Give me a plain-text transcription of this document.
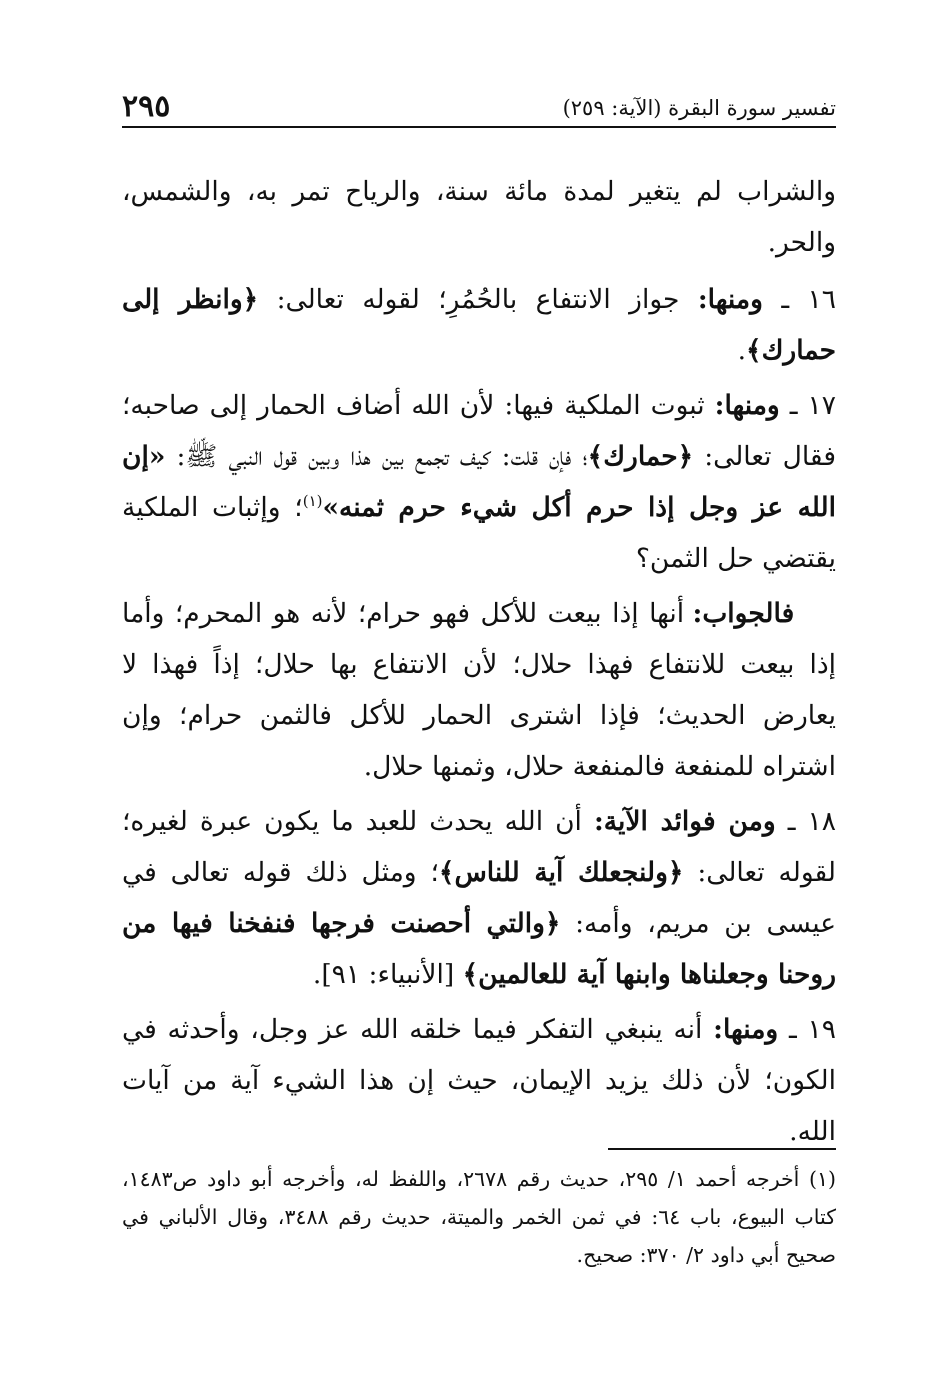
تفسير سورة البقرة (الآية: ٢٥٩)
٢٩٥

والشراب لم يتغير لمدة مائة سنة، والرياح تمر به، والشمس، والحر.

١٦ ـ ومنها: جواز الانتفاع بالحُمُرِ؛ لقوله تعالى: ﴿وانظر إلى حمارك﴾.

١٧ ـ ومنها: ثبوت الملكية فيها: لأن الله أضاف الحمار إلى صاحبه؛ فقال تعالى: ﴿حمارك﴾؛ فإن قلت: كيف تجمع بين هذا وبين قول النبي ﷺ: «إن الله عز وجل إذا حرم أكل شيء حرم ثمنه»$^{(١)}$؛ وإثبات الملكية يقتضي حل الثمن؟

فالجواب: أنها إذا بيعت للأكل فهو حرام؛ لأنه هو المحرم؛ وأما إذا بيعت للانتفاع فهذا حلال؛ لأن الانتفاع بها حلال؛ إذاً فهذا لا يعارض الحديث؛ فإذا اشترى الحمار للأكل فالثمن حرام؛ وإن اشتراه للمنفعة فالمنفعة حلال، وثمنها حلال.

١٨ ـ ومن فوائد الآية: أن الله يحدث للعبد ما يكون عبرة لغيره؛ لقوله تعالى: ﴿ولنجعلك آية للناس﴾؛ ومثل ذلك قوله تعالى في عيسى بن مريم، وأمه: ﴿والتي أحصنت فرجها فنفخنا فيها من روحنا وجعلناها وابنها آية للعالمين﴾ [الأنبياء: ٩١].

١٩ ـ ومنها: أنه ينبغي التفكر فيما خلقه الله عز وجل، وأحدثه في الكون؛ لأن ذلك يزيد الإيمان، حيث إن هذا الشيء آية من آيات الله.

(١) أخرجه أحمد ١/ ٢٩٥، حديث رقم ٢٦٧٨، واللفظ له، وأخرجه أبو داود ص١٤٨٣، كتاب البيوع، باب ٦٤: في ثمن الخمر والميتة، حديث رقم ٣٤٨٨، وقال الألباني في صحيح أبي داود ٢/ ٣٧٠: صحيح.
